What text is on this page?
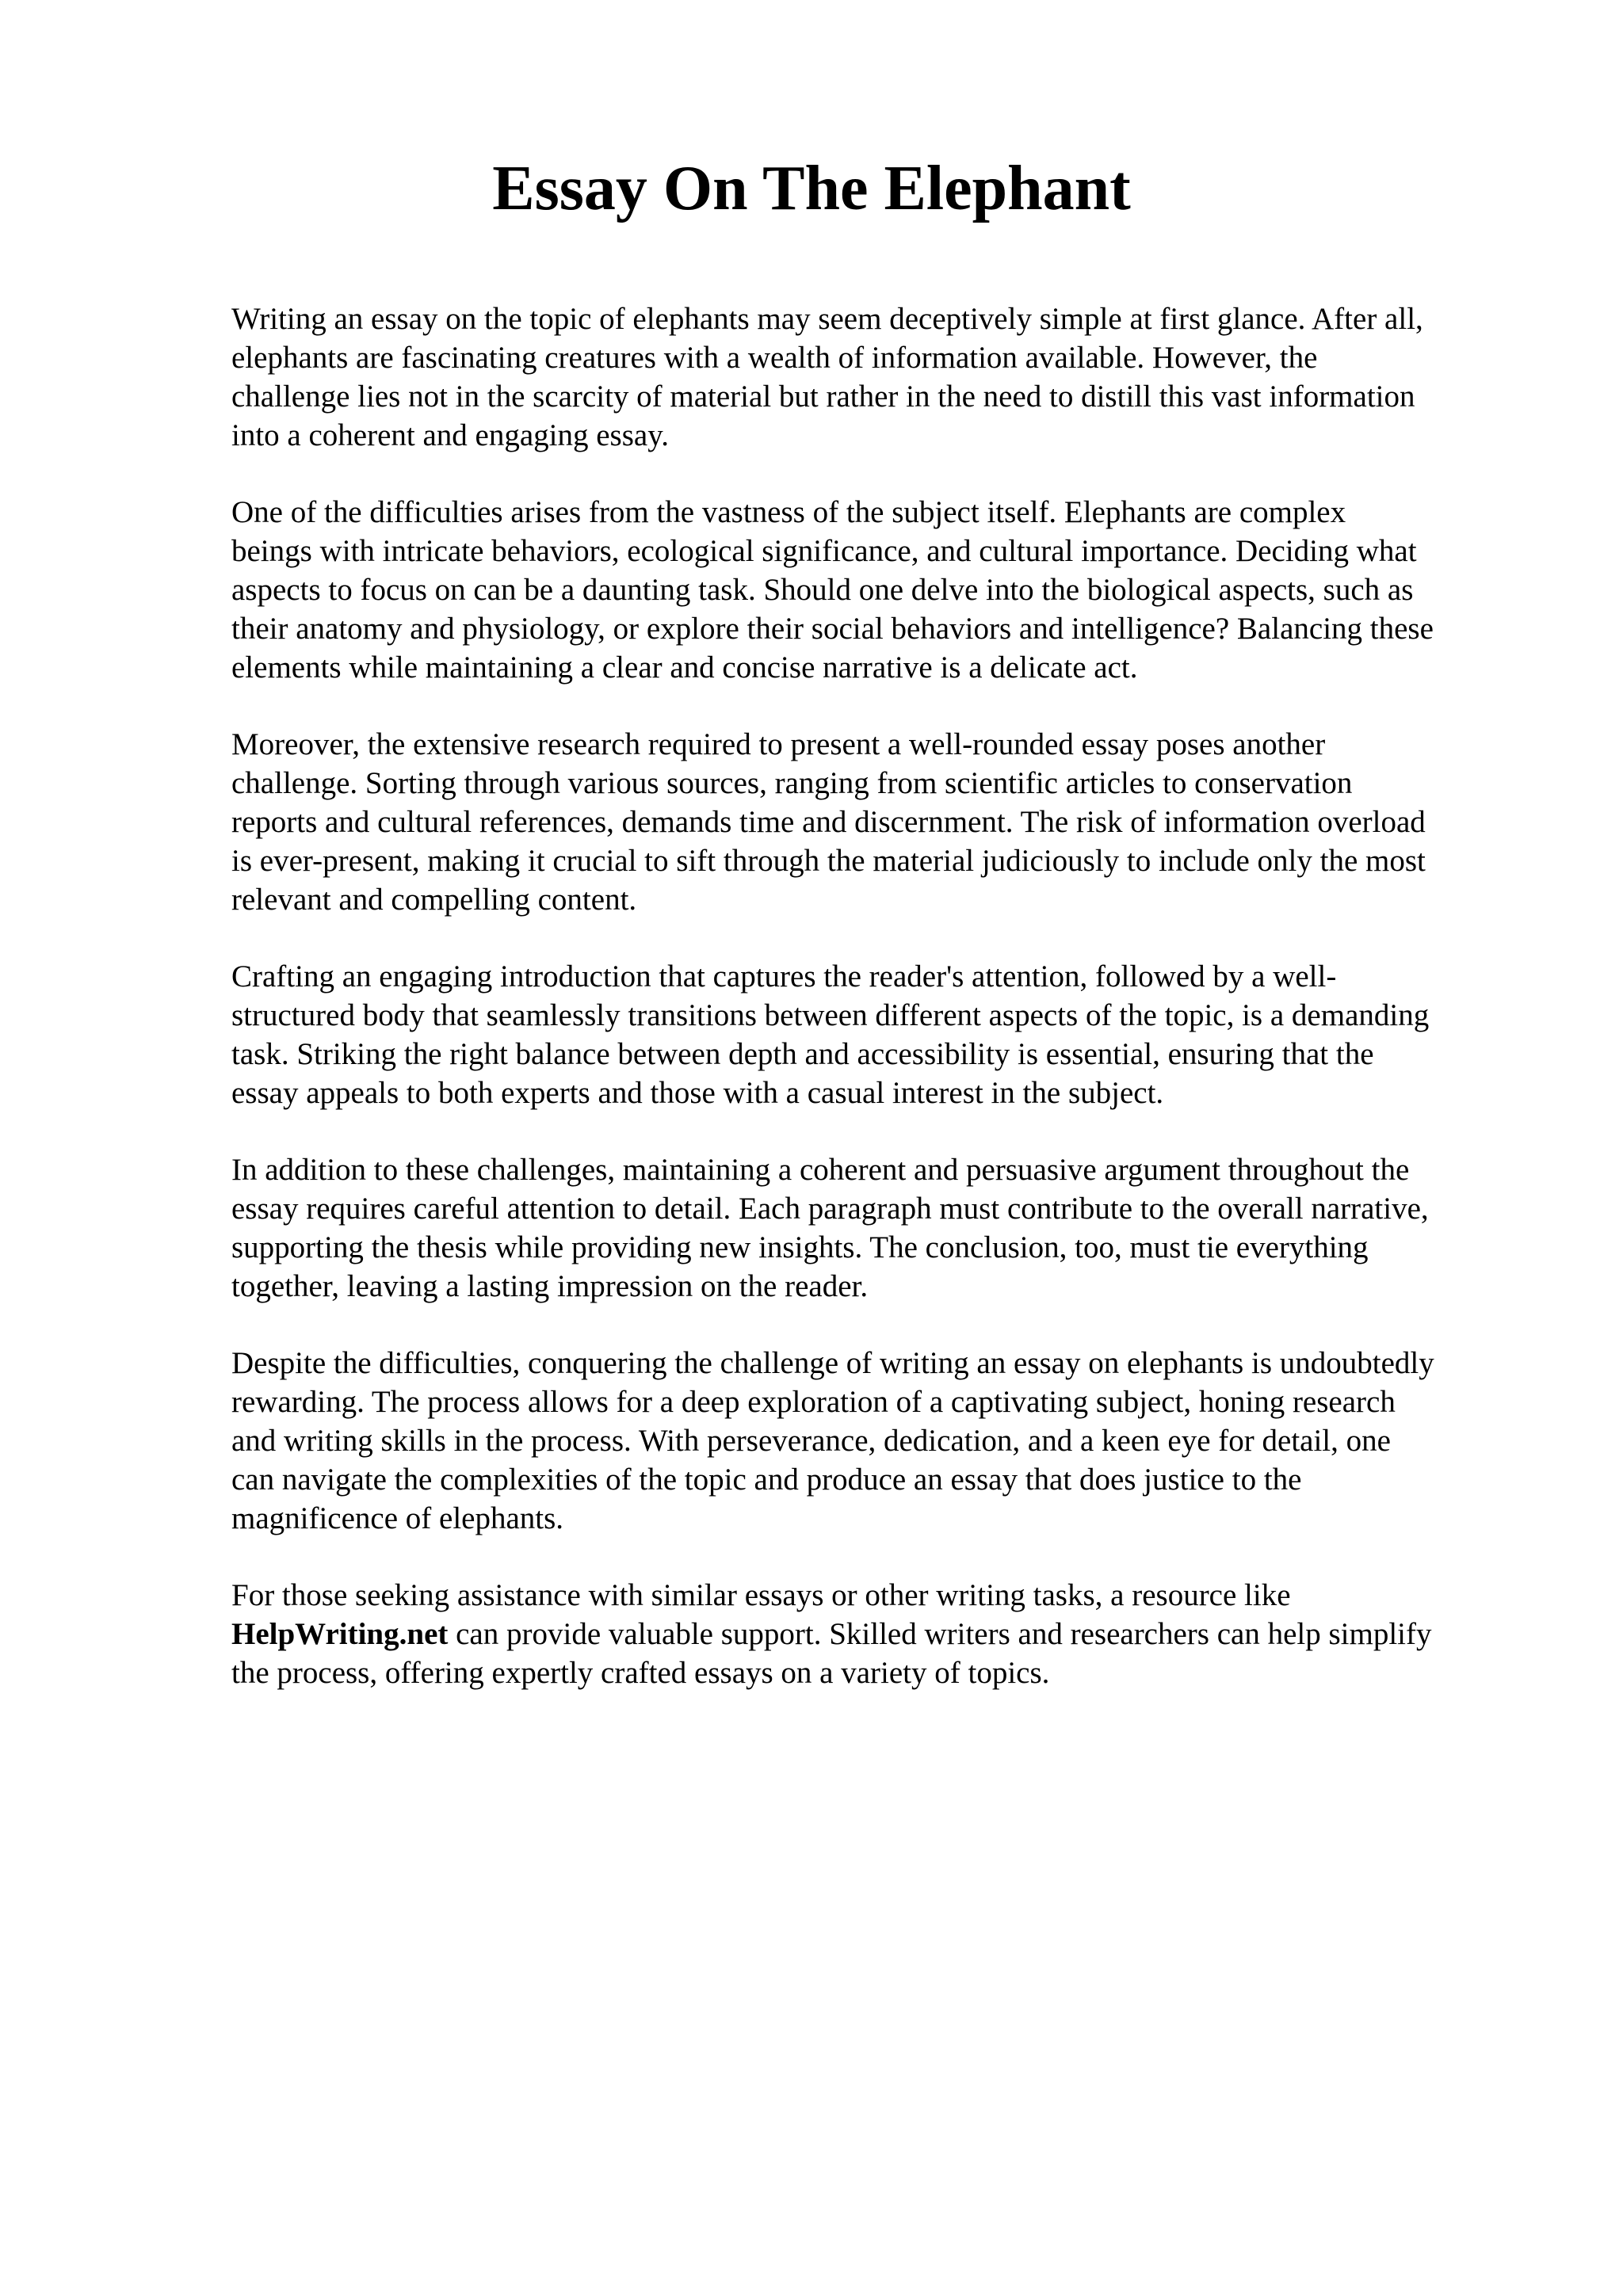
Essay On The Elephant

Writing an essay on the topic of elephants may seem deceptively simple at first glance. After all,
elephants are fascinating creatures with a wealth of information available. However, the
challenge lies not in the scarcity of material but rather in the need to distill this vast information
into a coherent and engaging essay.

One of the difficulties arises from the vastness of the subject itself. Elephants are complex
beings with intricate behaviors, ecological significance, and cultural importance. Deciding what
aspects to focus on can be a daunting task. Should one delve into the biological aspects, such as
their anatomy and physiology, or explore their social behaviors and intelligence? Balancing these
elements while maintaining a clear and concise narrative is a delicate act.

Moreover, the extensive research required to present a well-rounded essay poses another
challenge. Sorting through various sources, ranging from scientific articles to conservation
reports and cultural references, demands time and discernment. The risk of information overload
is ever-present, making it crucial to sift through the material judiciously to include only the most
relevant and compelling content.

Crafting an engaging introduction that captures the reader's attention, followed by a well-
structured body that seamlessly transitions between different aspects of the topic, is a demanding
task. Striking the right balance between depth and accessibility is essential, ensuring that the
essay appeals to both experts and those with a casual interest in the subject.

In addition to these challenges, maintaining a coherent and persuasive argument throughout the
essay requires careful attention to detail. Each paragraph must contribute to the overall narrative,
supporting the thesis while providing new insights. The conclusion, too, must tie everything
together, leaving a lasting impression on the reader.

Despite the difficulties, conquering the challenge of writing an essay on elephants is undoubtedly
rewarding. The process allows for a deep exploration of a captivating subject, honing research
and writing skills in the process. With perseverance, dedication, and a keen eye for detail, one
can navigate the complexities of the topic and produce an essay that does justice to the
magnificence of elephants.

For those seeking assistance with similar essays or other writing tasks, a resource like
HelpWriting.net can provide valuable support. Skilled writers and researchers can help simplify
the process, offering expertly crafted essays on a variety of topics.
